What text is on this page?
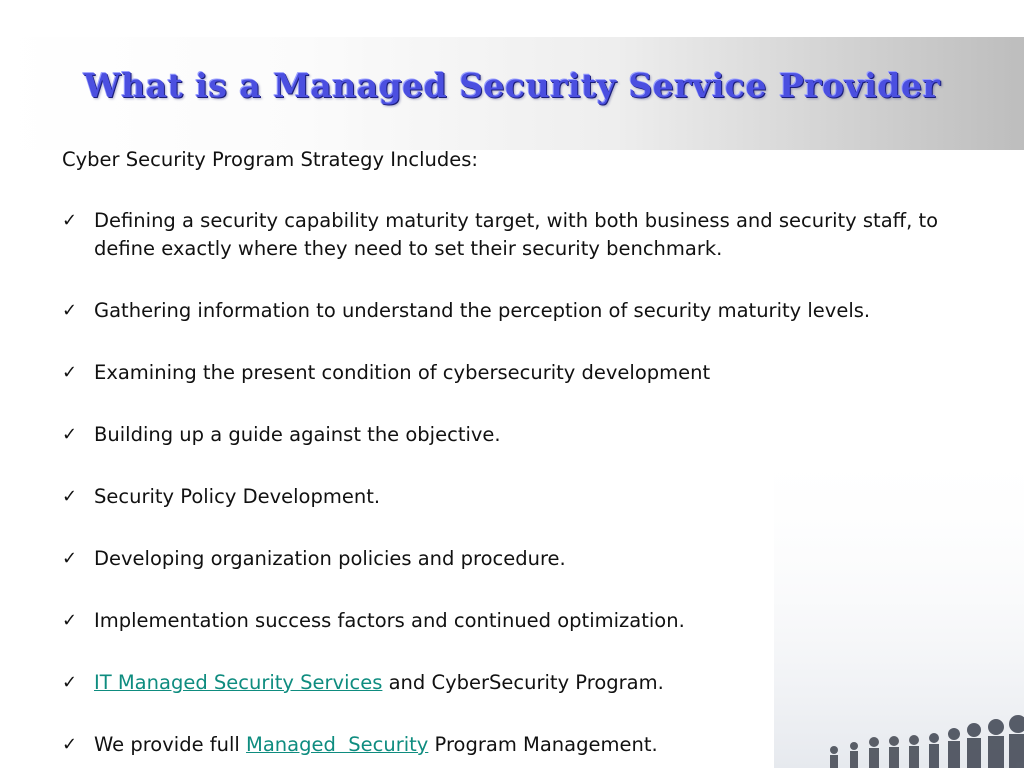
What is a Managed Security Service Provider

Cyber Security Program Strategy Includes:

✓ Defining a security capability maturity target, with both business and security staff, to define exactly where they need to set their security benchmark.
✓ Gathering information to understand the perception of security maturity levels.
✓ Examining the present condition of cybersecurity development
✓ Building up a guide against the objective.
✓ Security Policy Development.
✓ Developing organization policies and procedure.
✓ Implementation success factors and continued optimization.
✓ IT Managed Security Services and CyberSecurity Program.
✓ We provide full Managed  Security Program Management.
